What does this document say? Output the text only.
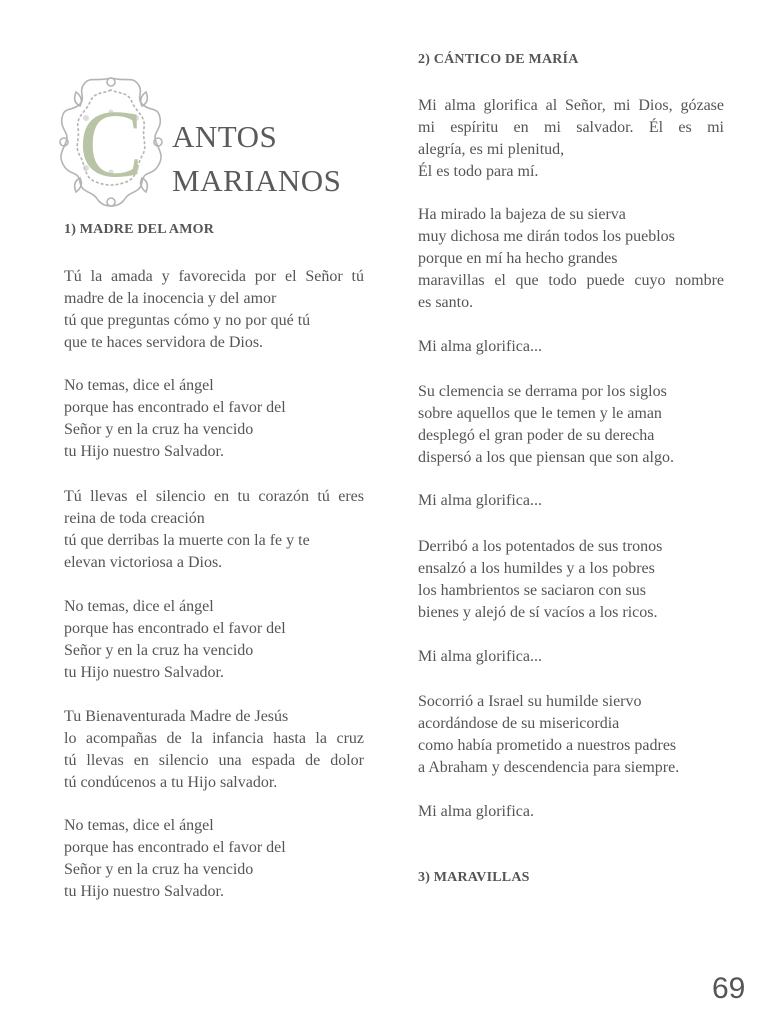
C ANTOS
MARIANOS
1) MADRE DEL AMOR

Tú la amada y favorecida por el Señor tú
madre de la inocencia y del amor
tú que preguntas cómo y no por qué tú
que te haces servidora de Dios.

No temas, dice el ángel
porque has encontrado el favor del
Señor y en la cruz ha vencido
tu Hijo nuestro Salvador.

Tú llevas el silencio en tu corazón tú eres
reina de toda creación
tú que derribas la muerte con la fe y te
elevan victoriosa a Dios.

No temas, dice el ángel
porque has encontrado el favor del
Señor y en la cruz ha vencido
tu Hijo nuestro Salvador.

Tu Bienaventurada Madre de Jesús
lo acompañas de la infancia hasta la cruz
tú llevas en silencio una espada de dolor
tú condúcenos a tu Hijo salvador.

No temas, dice el ángel
porque has encontrado el favor del
Señor y en la cruz ha vencido
tu Hijo nuestro Salvador.

2) CÁNTICO DE MARÍA

Mi alma glorifica al Señor, mi Dios, gózase
mi espíritu en mi salvador. Él es mi
alegría, es mi plenitud,
Él es todo para mí.

Ha mirado la bajeza de su sierva
muy dichosa me dirán todos los pueblos
porque en mí ha hecho grandes
maravillas el que todo puede cuyo nombre
es santo.

Mi alma glorifica...

Su clemencia se derrama por los siglos
sobre aquellos que le temen y le aman
desplegó el gran poder de su derecha
dispersó a los que piensan que son algo.

Mi alma glorifica...

Derribó a los potentados de sus tronos
ensalzó a los humildes y a los pobres
los hambrientos se saciaron con sus
bienes y alejó de sí vacíos a los ricos.

Mi alma glorifica...

Socorrió a Israel su humilde siervo
acordándose de su misericordia
como había prometido a nuestros padres
a Abraham y descendencia para siempre.

Mi alma glorifica.

3) MARAVILLAS
69
